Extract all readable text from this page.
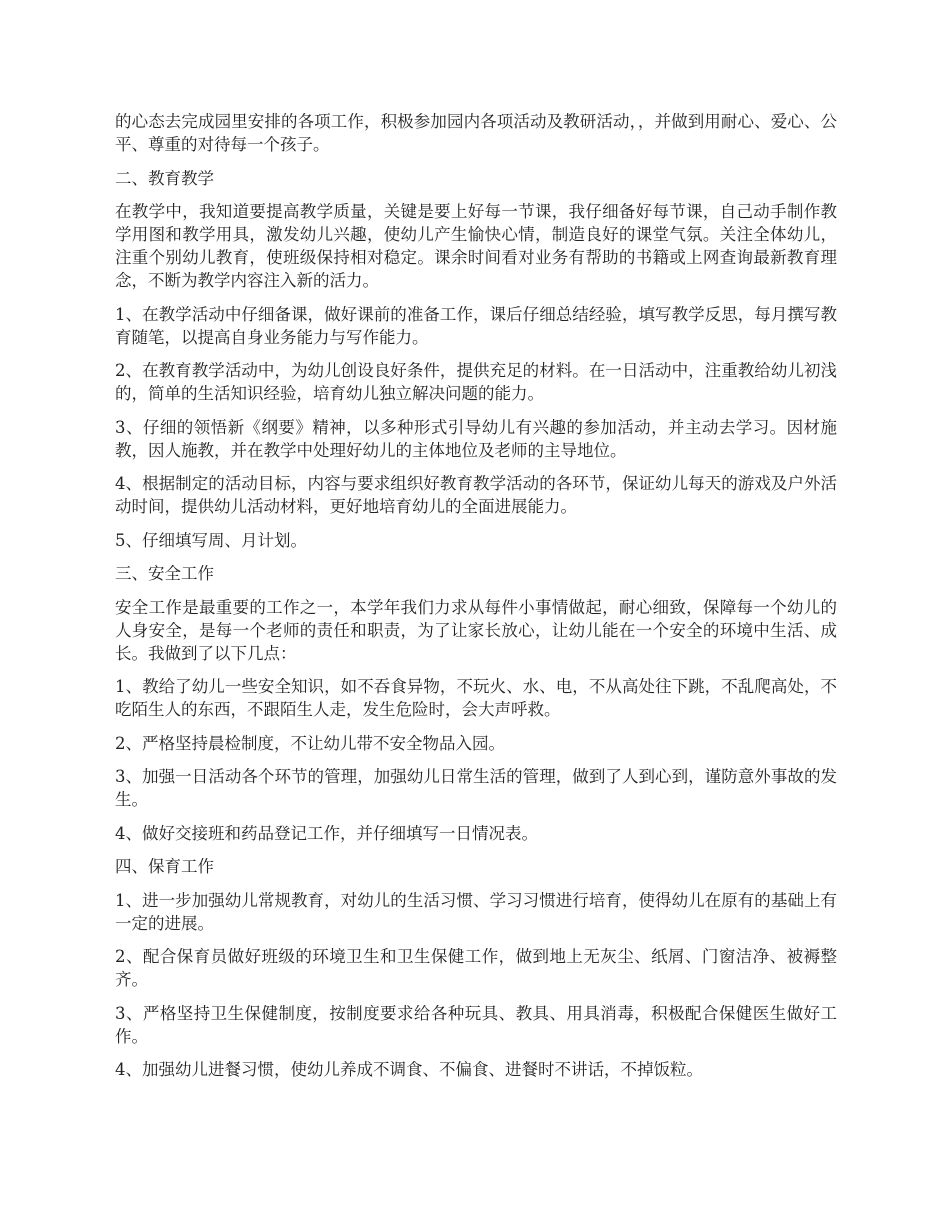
的心态去完成园里安排的各项工作，积极参加园内各项活动及教研活动，，并做到用耐心、爱心、公平、尊重的对待每一个孩子。

二、教育教学

在教学中，我知道要提高教学质量，关键是要上好每一节课，我仔细备好每节课，自己动手制作教学用图和教学用具，激发幼儿兴趣，使幼儿产生愉快心情，制造良好的课堂气氛。关注全体幼儿，注重个别幼儿教育，使班级保持相对稳定。课余时间看对业务有帮助的书籍或上网查询最新教育理念，不断为教学内容注入新的活力。

1、在教学活动中仔细备课，做好课前的准备工作，课后仔细总结经验，填写教学反思，每月撰写教育随笔，以提高自身业务能力与写作能力。

2、在教育教学活动中，为幼儿创设良好条件，提供充足的材料。在一日活动中，注重教给幼儿初浅的，简单的生活知识经验，培育幼儿独立解决问题的能力。

3、仔细的领悟新《纲要》精神，以多种形式引导幼儿有兴趣的参加活动，并主动去学习。因材施教，因人施教，并在教学中处理好幼儿的主体地位及老师的主导地位。

4、根据制定的活动目标，内容与要求组织好教育教学活动的各环节，保证幼儿每天的游戏及户外活动时间，提供幼儿活动材料，更好地培育幼儿的全面进展能力。

5、仔细填写周、月计划。

三、安全工作

安全工作是最重要的工作之一，本学年我们力求从每件小事情做起，耐心细致，保障每一个幼儿的人身安全，是每一个老师的责任和职责，为了让家长放心，让幼儿能在一个安全的环境中生活、成长。我做到了以下几点：

1、教给了幼儿一些安全知识，如不吞食异物，不玩火、水、电，不从高处往下跳，不乱爬高处，不吃陌生人的东西，不跟陌生人走，发生危险时，会大声呼救。

2、严格坚持晨检制度，不让幼儿带不安全物品入园。

3、加强一日活动各个环节的管理，加强幼儿日常生活的管理，做到了人到心到，谨防意外事故的发生。

4、做好交接班和药品登记工作，并仔细填写一日情况表。

四、保育工作

1、进一步加强幼儿常规教育，对幼儿的生活习惯、学习习惯进行培育，使得幼儿在原有的基础上有一定的进展。

2、配合保育员做好班级的环境卫生和卫生保健工作，做到地上无灰尘、纸屑、门窗洁净、被褥整齐。

3、严格坚持卫生保健制度，按制度要求给各种玩具、教具、用具消毒，积极配合保健医生做好工作。

4、加强幼儿进餐习惯，使幼儿养成不调食、不偏食、进餐时不讲话，不掉饭粒。
